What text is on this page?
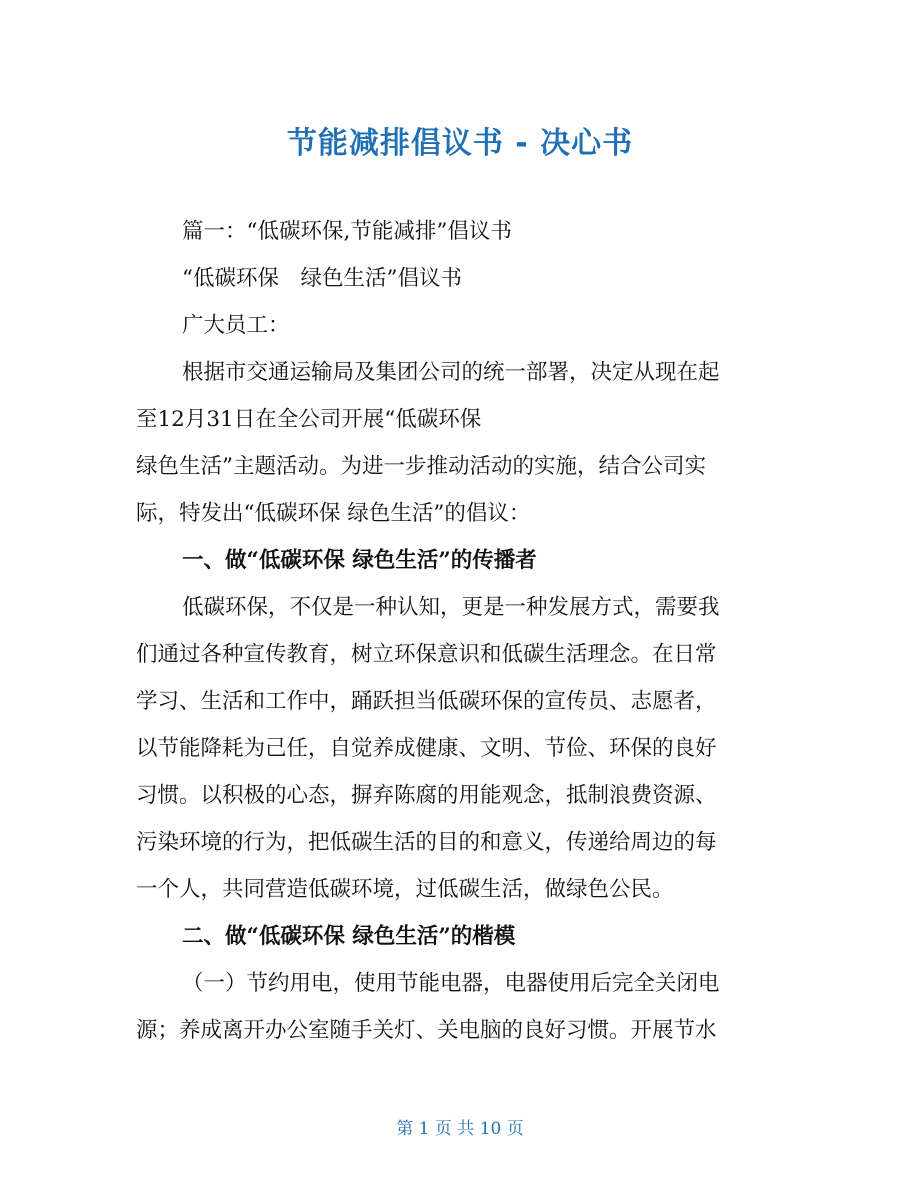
节能减排倡议书 - 决心书
篇一：“低碳环保,节能减排”倡议书
“低碳环保　绿色生活”倡议书
广大员工：
根据市交通运输局及集团公司的统一部署，决定从现在起
至12月31日在全公司开展“低碳环保
绿色生活”主题活动。为进一步推动活动的实施，结合公司实
际，特发出“低碳环保 绿色生活”的倡议：
一、做“低碳环保 绿色生活”的传播者
低碳环保，不仅是一种认知，更是一种发展方式，需要我
们通过各种宣传教育，树立环保意识和低碳生活理念。在日常
学习、生活和工作中，踊跃担当低碳环保的宣传员、志愿者，
以节能降耗为己任，自觉养成健康、文明、节俭、环保的良好
习惯。以积极的心态，摒弃陈腐的用能观念，抵制浪费资源、
污染环境的行为，把低碳生活的目的和意义，传递给周边的每
一个人，共同营造低碳环境，过低碳生活，做绿色公民。
二、做“低碳环保 绿色生活”的楷模
（一）节约用电，使用节能电器，电器使用后完全关闭电
源；养成离开办公室随手关灯、关电脑的良好习惯。开展节水
第 1 页 共 10 页
